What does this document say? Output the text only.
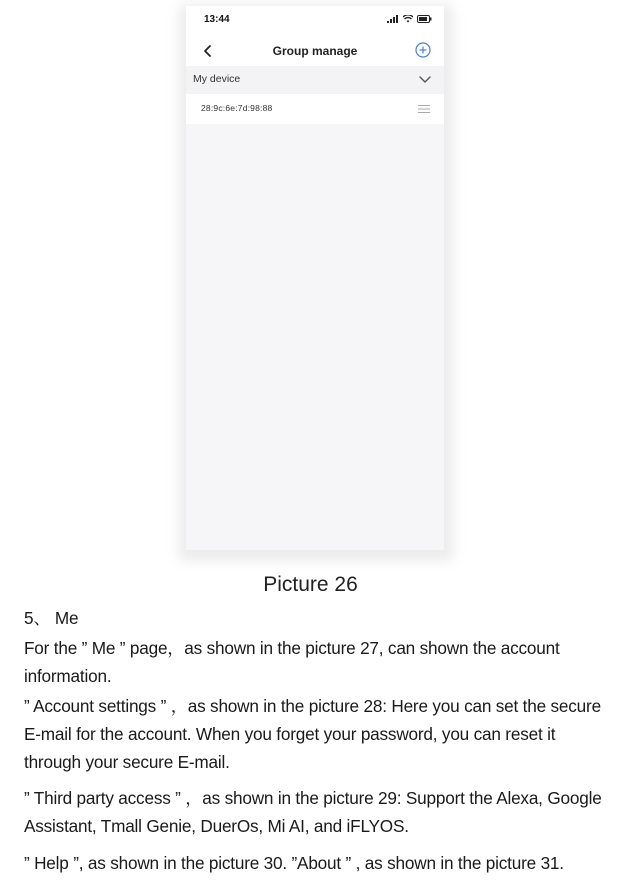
13:44
Group manage
My device
28:9c:6e:7d:98:88
Picture 26
5、 Me
For the ” Me ” page，as shown in the picture 27, can shown the account information.
” Account settings ” ，as shown in the picture 28: Here you can set the secure E-mail for the account. When you forget your password, you can reset it through your secure E-mail.
” Third party access ” ，as shown in the picture 29: Support the Alexa, Google Assistant, Tmall Genie, DuerOs, Mi AI, and iFLYOS.
” Help ”, as shown in the picture 30. ”About ” , as shown in the picture 31.
